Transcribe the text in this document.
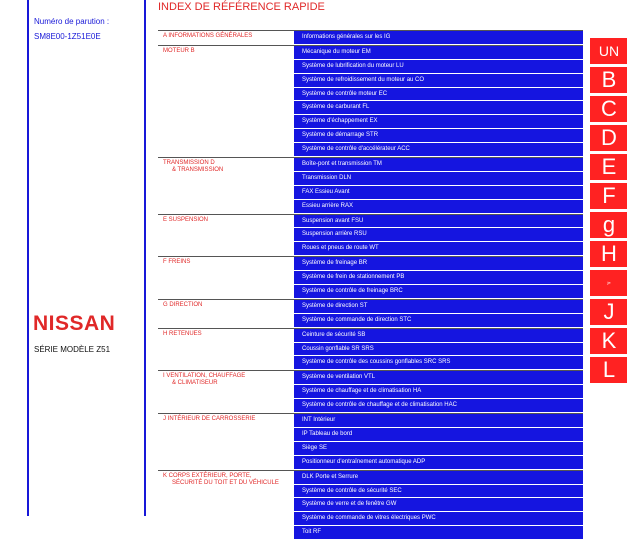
Numéro de parution :
SM8E00-1Z51E0E
NISSAN
SÉRIE MODÈLE Z51
INDEX DE RÉFÉRENCE RAPIDE
A INFORMATIONS GÉNÉRALES	Informations générales sur les IG
MOTEUR B	Mécanique du moteur EM
Système de lubrification du moteur LU
Système de refroidissement du moteur au CO
Système de contrôle moteur EC
Système de carburant FL
Système d'échappement EX
Système de démarrage STR
Système de contrôle d'accélérateur ACC
TRANSMISSION D
& TRANSMISSION
Boîte-pont et transmission TM
Transmission DLN
FAX Essieu Avant
Essieu arrière RAX
E SUSPENSION	Suspension avant FSU
Suspension arrière RSU
Roues et pneus de route WT
F FREINS	Système de freinage BR
Système de frein de stationnement PB
Système de contrôle de freinage BRC
G DIRECTION	Système de direction ST
Système de commande de direction STC
H RETENUES	Ceinture de sécurité SB
Coussin gonflable SR SRS
Système de contrôle des coussins gonflables SRC SRS
I VENTILATION, CHAUFFAGE
& CLIMATISEUR
Système de ventilation VTL
Système de chauffage et de climatisation HA
Système de contrôle de chauffage et de climatisation HAC
J INTÉRIEUR DE CARROSSERIE	INT Intérieur
IP Tableau de bord
Siège SE
Positionneur d'entraînement automatique ADP
K CORPS EXTÉRIEUR, PORTE,
SÉCURITÉ DU TOIT ET DU VÉHICULE
DLK Porte et Serrure
Système de contrôle de sécurité SEC
Système de verre et de fenêtre GW
Système de commande de vitres électriques PWC
Toit RF
UN
B
C
D
E
F
g
H
je
J
K
L
